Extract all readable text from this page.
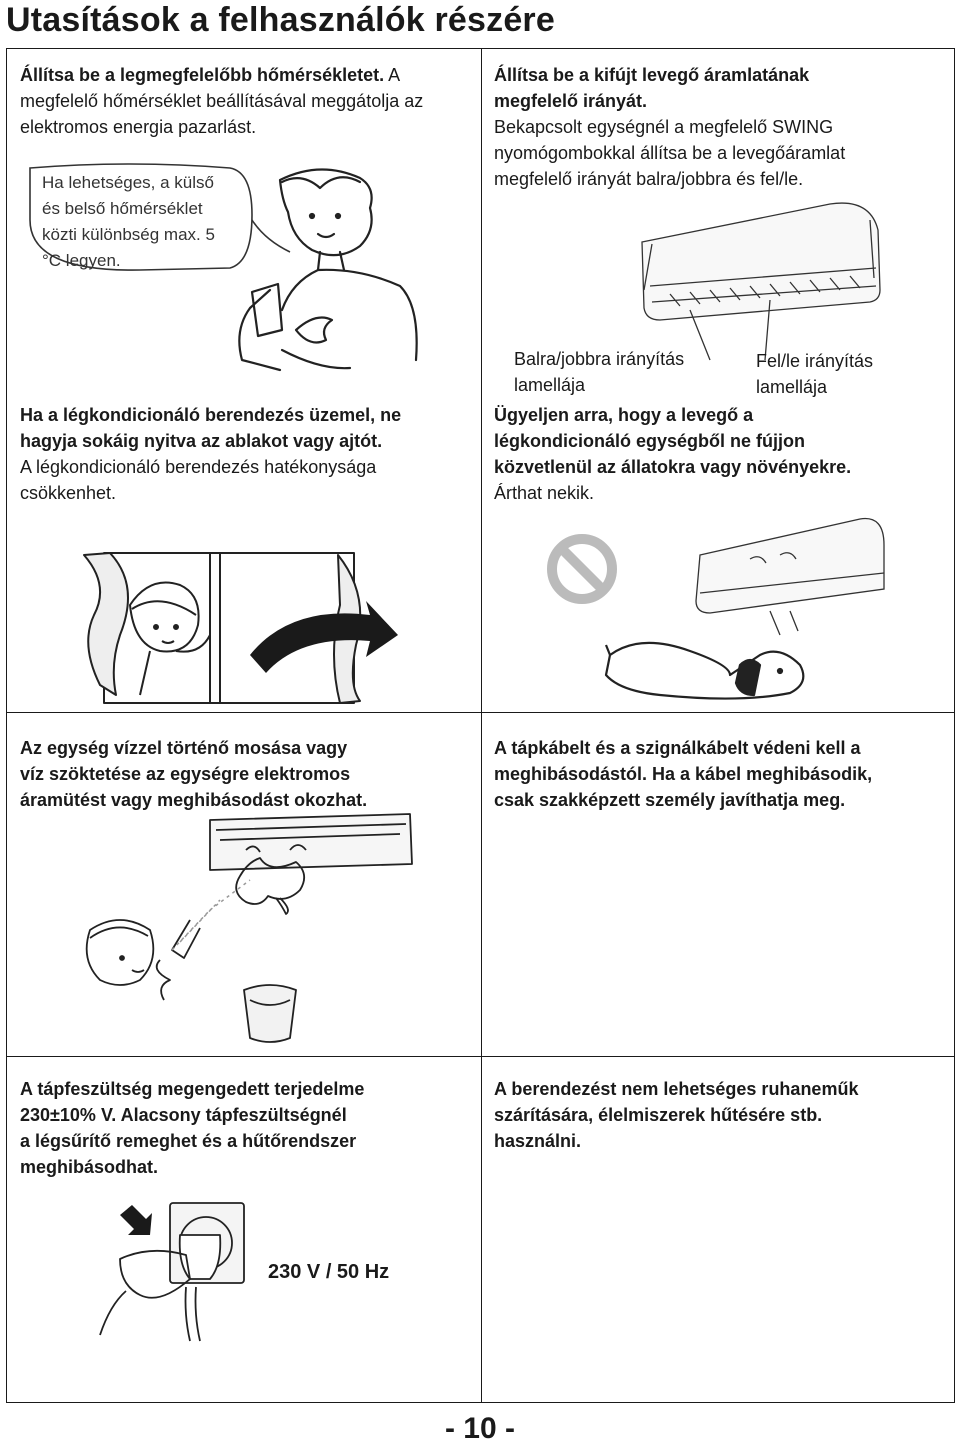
Utasítások a felhasználók részére
Állítsa be a legmegfelelőbb hőmérsékletet. A megfelelő hőmérséklet beállításával meggátolja az elektromos energia pazarlást.
Ha lehetséges, a külső
és belső hőmérséklet
közti különbség max. 5
°C legyen.
Állítsa be a kifújt levegő áramlatának
megfelelő irányát.
Bekapcsolt egységnél a megfelelő SWING
nyomógombokkal állítsa be a levegőáramlat
megfelelő irányát balra/jobbra és fel/le.
Balra/jobbra irányítás
lamellája
Fel/le irányítás
lamellája
Ha a légkondicionáló berendezés üzemel, ne
hagyja sokáig nyitva az ablakot vagy ajtót.
A légkondicionáló berendezés hatékonysága
csökkenhet.
Ügyeljen arra, hogy a levegő a
légkondicionáló egységből ne fújjon
közvetlenül az állatokra vagy növényekre.
Árthat nekik.
Az egység vízzel történő mosása vagy
víz szöktetése az egységre elektromos
áramütést vagy meghibásodást okozhat.
A tápkábelt és a szignálkábelt védeni kell a
meghibásodástól. Ha a kábel meghibásodik,
csak szakképzett személy javíthatja meg.
A tápfeszültség megengedett terjedelme
230±10% V. Alacsony tápfeszültségnél
a légsűrítő remeghet és a hűtőrendszer
meghibásodhat.
230 V / 50 Hz
A berendezést nem lehetséges ruhaneműk
szárítására, élelmiszerek hűtésére stb.
használni.
- 10 -
